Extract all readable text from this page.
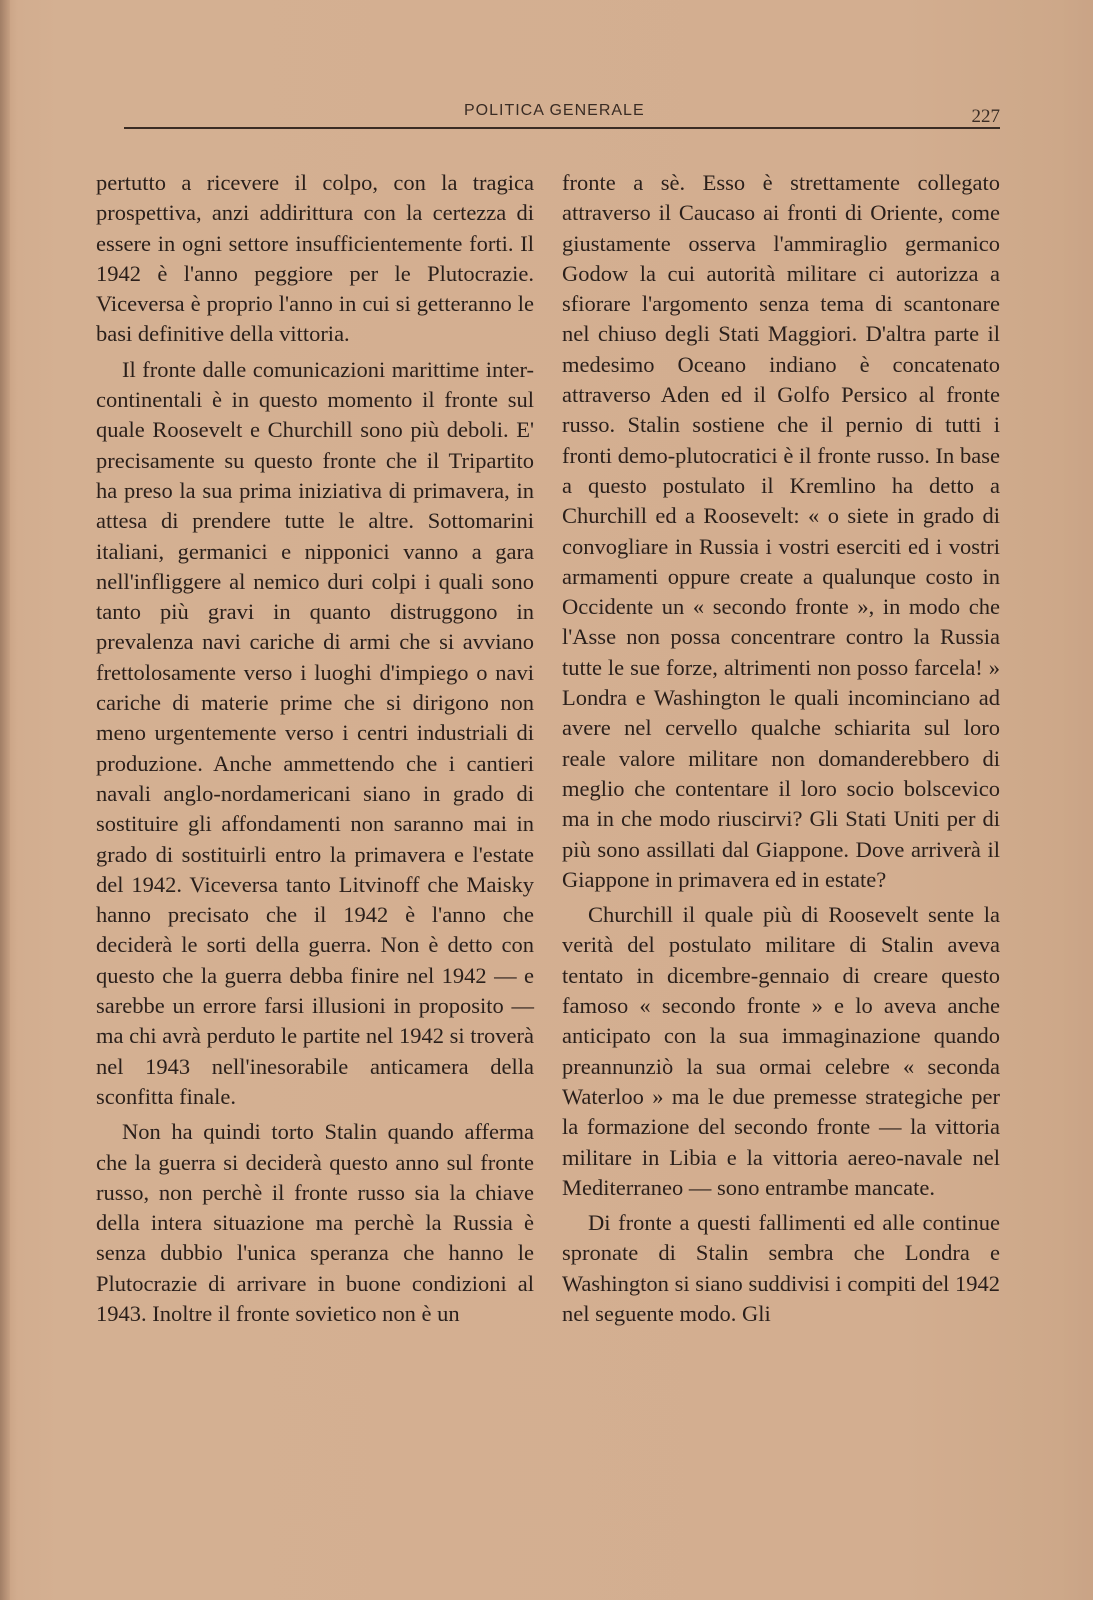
POLITICA GENERALE	227

pertutto a ricevere il colpo, con la tragica prospettiva, anzi addirittura con la certezza di essere in ogni settore insufficientemente forti. Il 1942 è l'anno peggiore per le Plutocrazie. Viceversa è proprio l'anno in cui si getteranno le basi definitive della vittoria.

Il fronte dalle comunicazioni marittime inter-continentali è in questo momento il fronte sul quale Roosevelt e Churchill sono più deboli. E' precisamente su questo fronte che il Tripartito ha preso la sua prima iniziativa di primavera, in attesa di prendere tutte le altre. Sottomarini italiani, germanici e nipponici vanno a gara nell'infliggere al nemico duri colpi i quali sono tanto più gravi in quanto distruggono in prevalenza navi cariche di armi che si avviano frettolosamente verso i luoghi d'impiego o navi cariche di materie prime che si dirigono non meno urgentemente verso i centri industriali di produzione. Anche ammettendo che i cantieri navali anglo-nordamericani siano in grado di sostituire gli affondamenti non saranno mai in grado di sostituirli entro la primavera e l'estate del 1942. Viceversa tanto Litvinoff che Maisky hanno precisato che il 1942 è l'anno che deciderà le sorti della guerra. Non è detto con questo che la guerra debba finire nel 1942 — e sarebbe un errore farsi illusioni in proposito — ma chi avrà perduto le partite nel 1942 si troverà nel 1943 nell'inesorabile anticamera della sconfitta finale.

Non ha quindi torto Stalin quando afferma che la guerra si deciderà questo anno sul fronte russo, non perchè il fronte russo sia la chiave della intera situazione ma perchè la Russia è senza dubbio l'unica speranza che hanno le Plutocrazie di arrivare in buone condizioni al 1943. Inoltre il fronte sovietico non è un

fronte a sè. Esso è strettamente collegato attraverso il Caucaso ai fronti di Oriente, come giustamente osserva l'ammiraglio germanico Godow la cui autorità militare ci autorizza a sfiorare l'argomento senza tema di scantonare nel chiuso degli Stati Maggiori. D'altra parte il medesimo Oceano indiano è concatenato attraverso Aden ed il Golfo Persico al fronte russo. Stalin sostiene che il pernio di tutti i fronti demo-plutocratici è il fronte russo. In base a questo postulato il Kremlino ha detto a Churchill ed a Roosevelt: « o siete in grado di convogliare in Russia i vostri eserciti ed i vostri armamenti oppure create a qualunque costo in Occidente un « secondo fronte », in modo che l'Asse non possa concentrare contro la Russia tutte le sue forze, altrimenti non posso farcela! » Londra e Washington le quali incominciano ad avere nel cervello qualche schiarita sul loro reale valore militare non domanderebbero di meglio che contentare il loro socio bolscevico ma in che modo riuscirvi? Gli Stati Uniti per di più sono assillati dal Giappone. Dove arriverà il Giappone in primavera ed in estate?

Churchill il quale più di Roosevelt sente la verità del postulato militare di Stalin aveva tentato in dicembre-gennaio di creare questo famoso « secondo fronte » e lo aveva anche anticipato con la sua immaginazione quando preannunziò la sua ormai celebre « seconda Waterloo » ma le due premesse strategiche per la formazione del secondo fronte — la vittoria militare in Libia e la vittoria aereo-navale nel Mediterraneo — sono entrambe mancate.

Di fronte a questi fallimenti ed alle continue spronate di Stalin sembra che Londra e Washington si siano suddivisi i compiti del 1942 nel seguente modo. Gli
